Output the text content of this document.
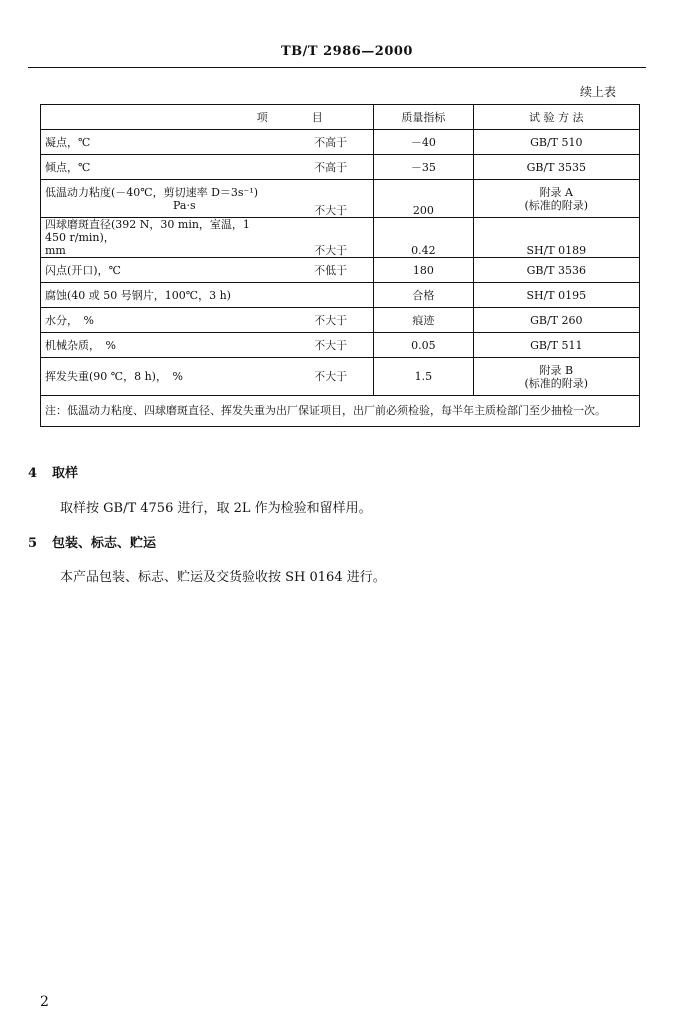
TB/T 2986—2000
续上表
项	目	质量指标	试 验 方 法
凝点，℃	不高于	－40	GB/T 510
倾点，℃	不高于	－35	GB/T 3535

低温动力粘度(－40℃，剪切速率 D＝3s⁻¹)
Pa·s	不大于	200	附录 A
(标准的附录)

四球磨斑直径(392 N，30 min，室温，1 450 r/min)，
mm	不大于	0.42	SH/T 0189
闪点(开口)，℃	不低于	180	GB/T 3536
腐蚀(40 或 50 号钢片，100℃，3 h)		合格	SH/T 0195
水分，　%	不大于	痕迹	GB/T 260
机械杂质，　%	不大于	0.05	GB/T 511
挥发失重(90 ℃，8 h)，　%	不大于	1.5	附录 B
(标准的附录)

注：低温动力粘度、四球磨斑直径、挥发失重为出厂保证项目，出厂前必须检验，每半年主质检部门至少抽检一次。			
4 取样
取样按 GB/T 4756 进行，取 2L 作为检验和留样用。
5 包装、标志、贮运
本产品包装、标志、贮运及交货验收按 SH 0164 进行。
2
